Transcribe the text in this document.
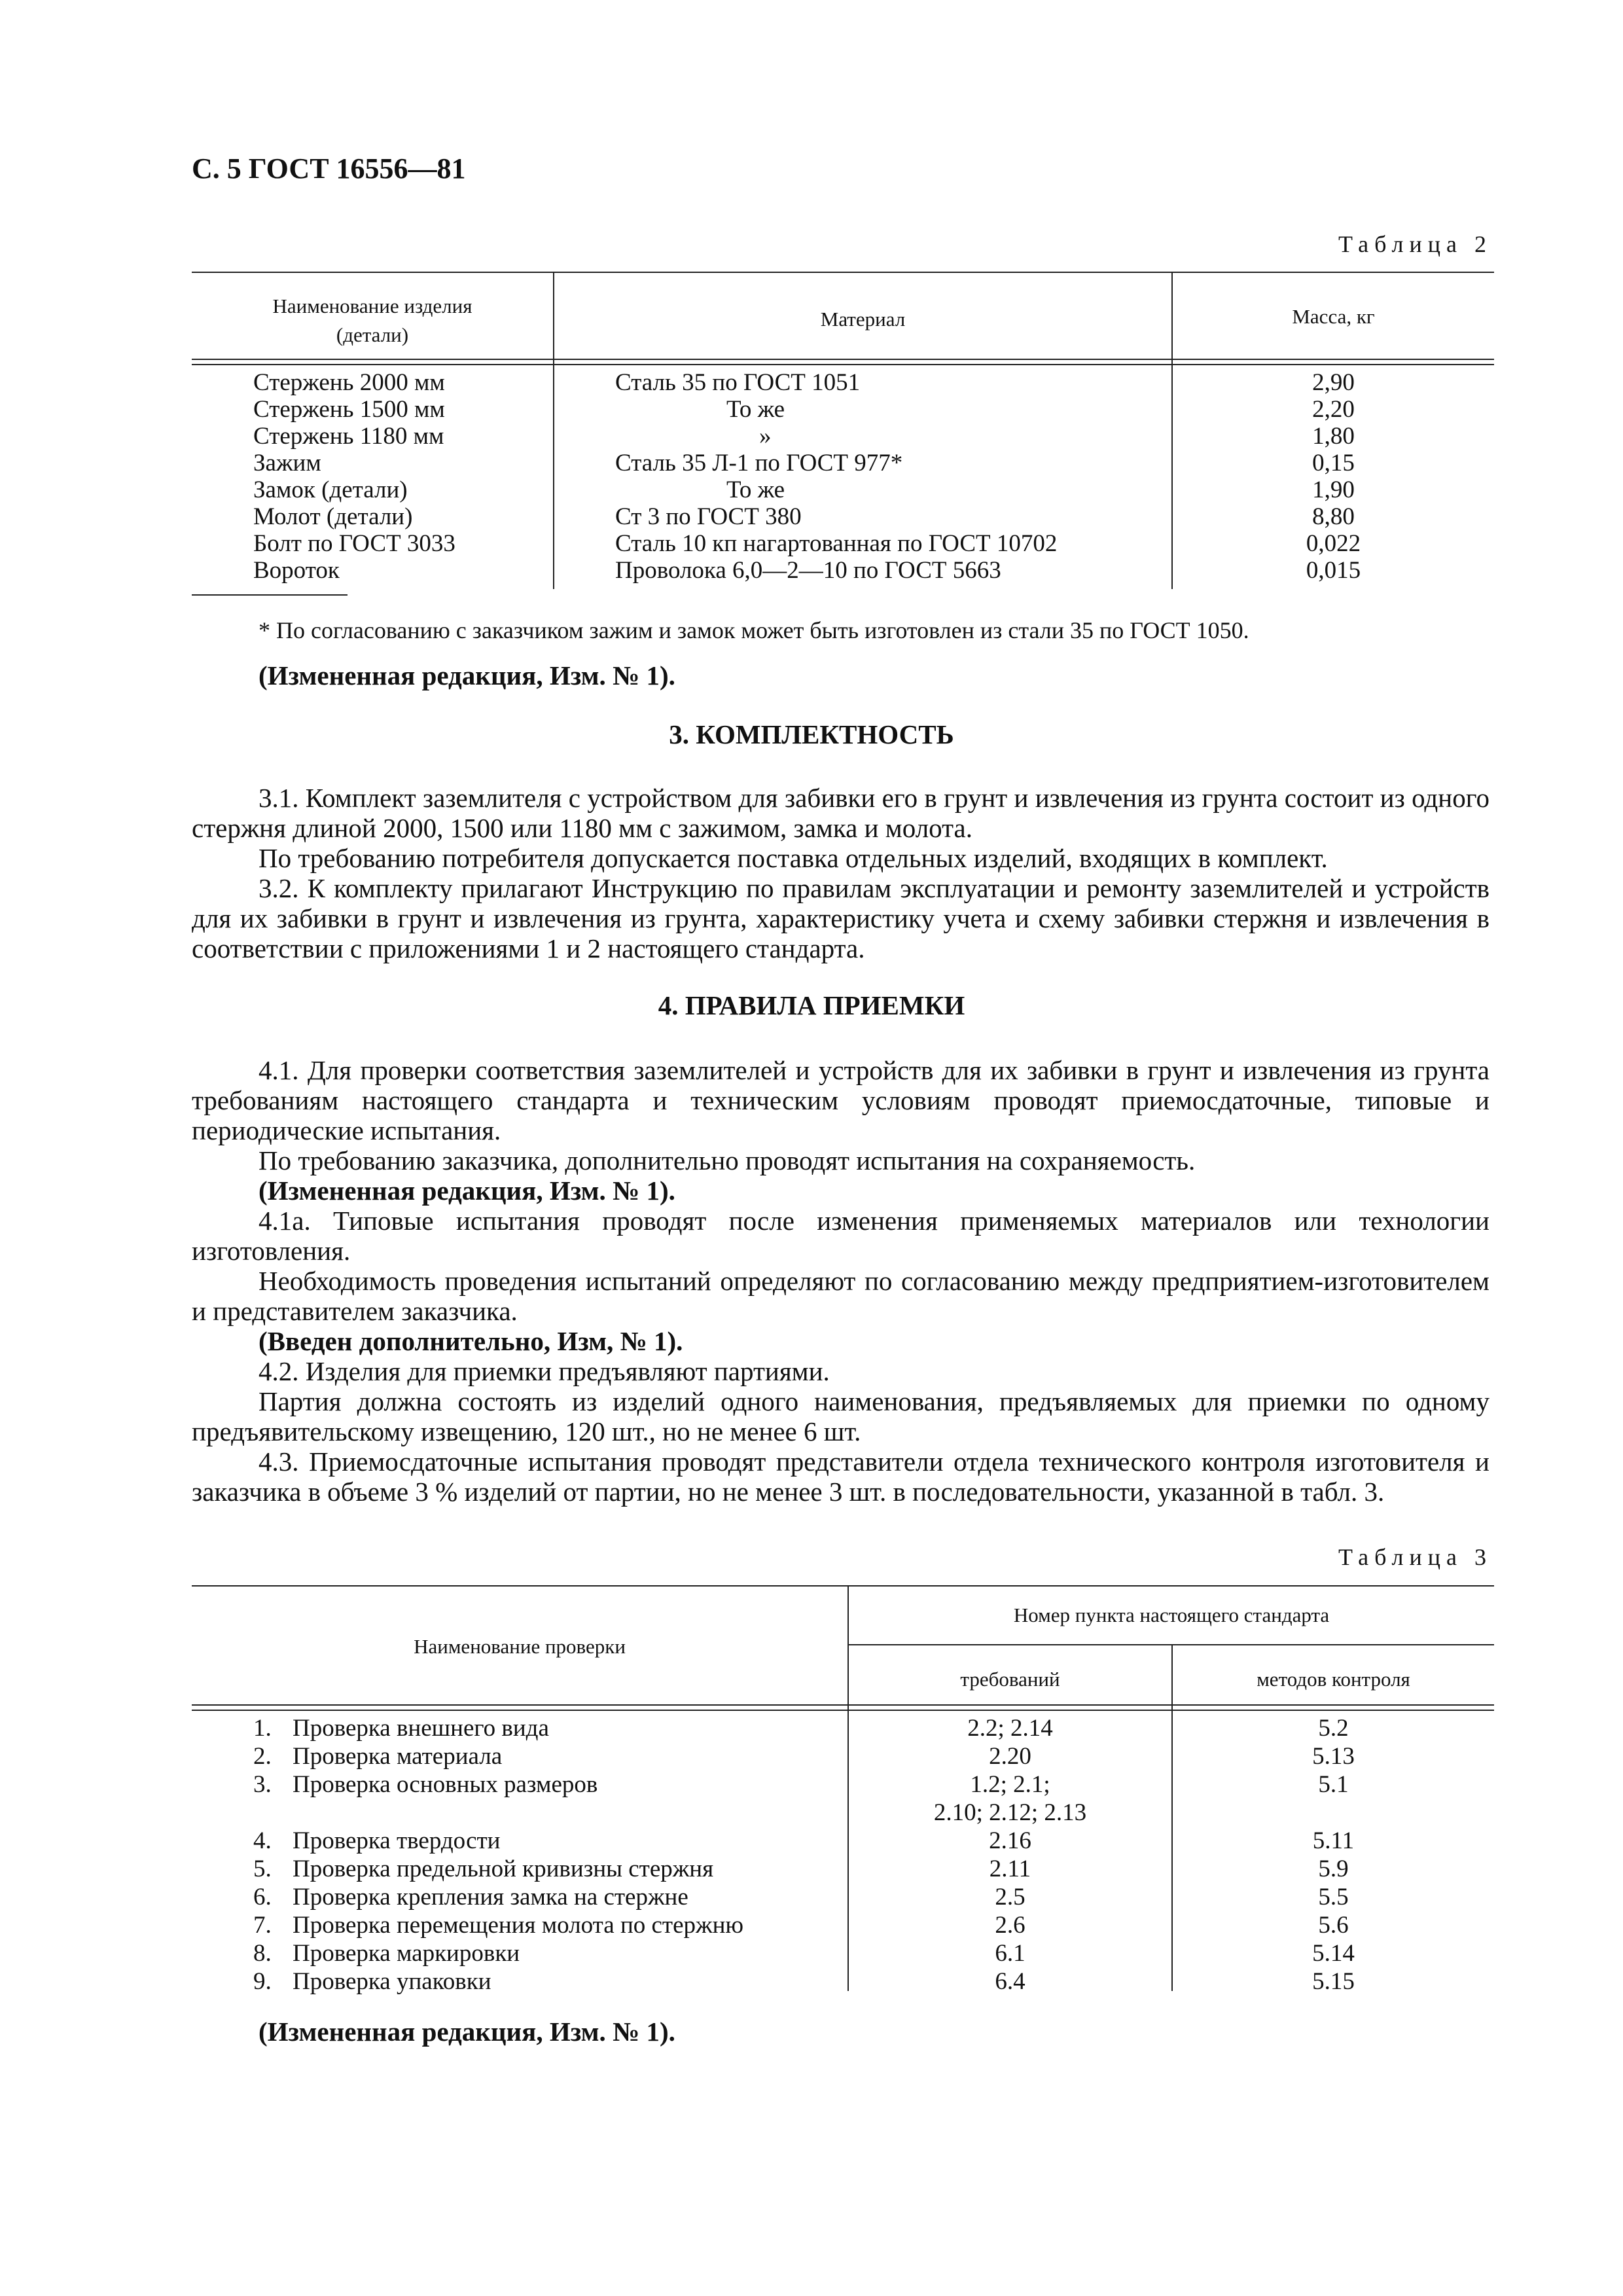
С. 5 ГОСТ 16556—81
Таблица 2
Наименование изделия
(детали)
Материал	Масса, кг
Стержень 2000 мм	Сталь 35 по ГОСТ 1051	2,90
Стержень 1500 мм	То же	2,20
Стержень 1180 мм	»	1,80
Зажим	Сталь 35 Л-1 по ГОСТ 977*	0,15
Замок (детали)	То же	1,90
Молот (детали)	Ст 3 по ГОСТ 380	8,80
Болт по ГОСТ 3033	Сталь 10 кп нагартованная по ГОСТ 10702	0,022
Вороток	Проволока 6,0—2—10 по ГОСТ 5663	0,015
* По согласованию с заказчиком зажим и замок может быть изготовлен из стали 35 по ГОСТ 1050.
(Измененная редакция, Изм. № 1).
3. КОМПЛЕКТНОСТЬ
3.1. Комплект заземлителя с устройством для забивки его в грунт и извлечения из грунта состоит из одного стержня длиной 2000, 1500 или 1180 мм с зажимом, замка и молота.
По требованию потребителя допускается поставка отдельных изделий, входящих в комплект.
3.2. К комплекту прилагают Инструкцию по правилам эксплуатации и ремонту заземлителей и устройств для их забивки в грунт и извлечения из грунта, характеристику учета и схему забивки стержня и извлечения в соответствии с приложениями 1 и 2 настоящего стандарта.
4. ПРАВИЛА ПРИЕМКИ
4.1. Для проверки соответствия заземлителей и устройств для их забивки в грунт и извлечения из грунта требованиям настоящего стандарта и техническим условиям проводят приемосдаточные, типовые и периодические испытания.
По требованию заказчика, дополнительно проводят испытания на сохраняемость.
(Измененная редакция, Изм. № 1).
4.1а. Типовые испытания проводят после изменения применяемых материалов или технологии изготовления.
Необходимость проведения испытаний определяют по согласованию между предприятием-изготовителем и представителем заказчика.
(Введен дополнительно, Изм, № 1).
4.2. Изделия для приемки предъявляют партиями.
Партия должна состоять из изделий одного наименования, предъявляемых для приемки по одному предъявительскому извещению, 120 шт., но не менее 6 шт.
4.3. Приемосдаточные испытания проводят представители отдела технического контроля изготовителя и заказчика в объеме 3 % изделий от партии, но не менее 3 шт. в последовательности, указанной в табл. 3.
Таблица 3
Наименование проверки
Номер пункта настоящего стандарта
требований	методов контроля
1. Проверка внешнего вида	2.2; 2.14	5.2
2. Проверка материала	2.20	5.13
3. Проверка основных размеров	1.2; 2.1;	5.1
2.10; 2.12; 2.13
4. Проверка твердости	2.16	5.11
5. Проверка предельной кривизны стержня	2.11	5.9
6. Проверка крепления замка на стержне	2.5	5.5
7. Проверка перемещения молота по стержню	2.6	5.6
8. Проверка маркировки	6.1	5.14
9. Проверка упаковки	6.4	5.15
(Измененная редакция, Изм. № 1).
